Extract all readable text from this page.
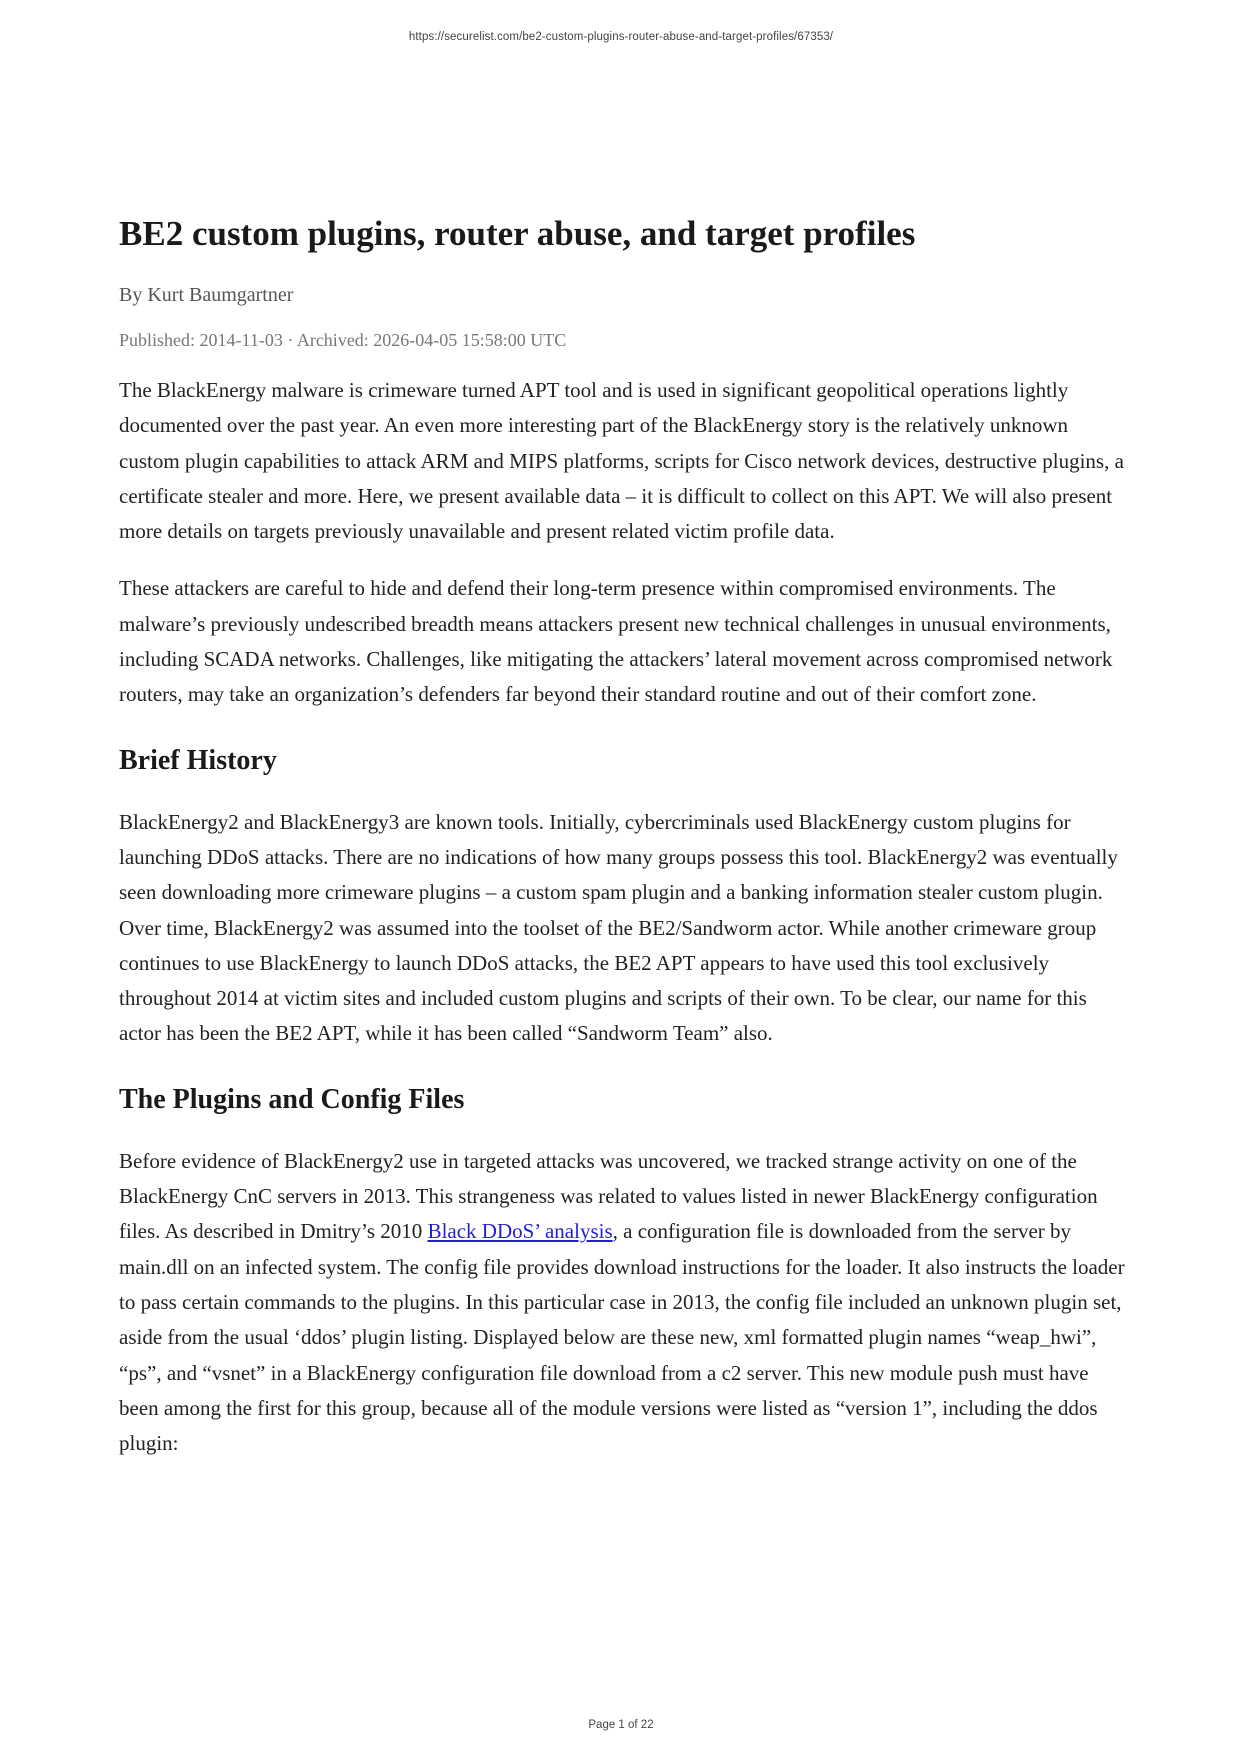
https://securelist.com/be2-custom-plugins-router-abuse-and-target-profiles/67353/
BE2 custom plugins, router abuse, and target profiles
By Kurt Baumgartner
Published: 2014-11-03 · Archived: 2026-04-05 15:58:00 UTC

The BlackEnergy malware is crimeware turned APT tool and is used in significant geopolitical operations lightly documented over the past year. An even more interesting part of the BlackEnergy story is the relatively unknown custom plugin capabilities to attack ARM and MIPS platforms, scripts for Cisco network devices, destructive plugins, a certificate stealer and more. Here, we present available data – it is difficult to collect on this APT. We will also present more details on targets previously unavailable and present related victim profile data.

These attackers are careful to hide and defend their long-term presence within compromised environments. The malware’s previously undescribed breadth means attackers present new technical challenges in unusual environments, including SCADA networks. Challenges, like mitigating the attackers’ lateral movement across compromised network routers, may take an organization’s defenders far beyond their standard routine and out of their comfort zone.

Brief History

BlackEnergy2 and BlackEnergy3 are known tools. Initially, cybercriminals used BlackEnergy custom plugins for launching DDoS attacks. There are no indications of how many groups possess this tool. BlackEnergy2 was eventually seen downloading more crimeware plugins – a custom spam plugin and a banking information stealer custom plugin. Over time, BlackEnergy2 was assumed into the toolset of the BE2/Sandworm actor. While another crimeware group continues to use BlackEnergy to launch DDoS attacks, the BE2 APT appears to have used this tool exclusively throughout 2014 at victim sites and included custom plugins and scripts of their own. To be clear, our name for this actor has been the BE2 APT, while it has been called “Sandworm Team” also.

The Plugins and Config Files

Before evidence of BlackEnergy2 use in targeted attacks was uncovered, we tracked strange activity on one of the BlackEnergy CnC servers in 2013. This strangeness was related to values listed in newer BlackEnergy configuration files. As described in Dmitry’s 2010 Black DDoS’ analysis, a configuration file is downloaded from the server by main.dll on an infected system. The config file provides download instructions for the loader. It also instructs the loader to pass certain commands to the plugins. In this particular case in 2013, the config file included an unknown plugin set, aside from the usual ‘ddos’ plugin listing. Displayed below are these new, xml formatted plugin names “weap_hwi”, “ps”, and “vsnet” in a BlackEnergy configuration file download from a c2 server. This new module push must have been among the first for this group, because all of the module versions were listed as “version 1”, including the ddos plugin:

Page 1 of 22
